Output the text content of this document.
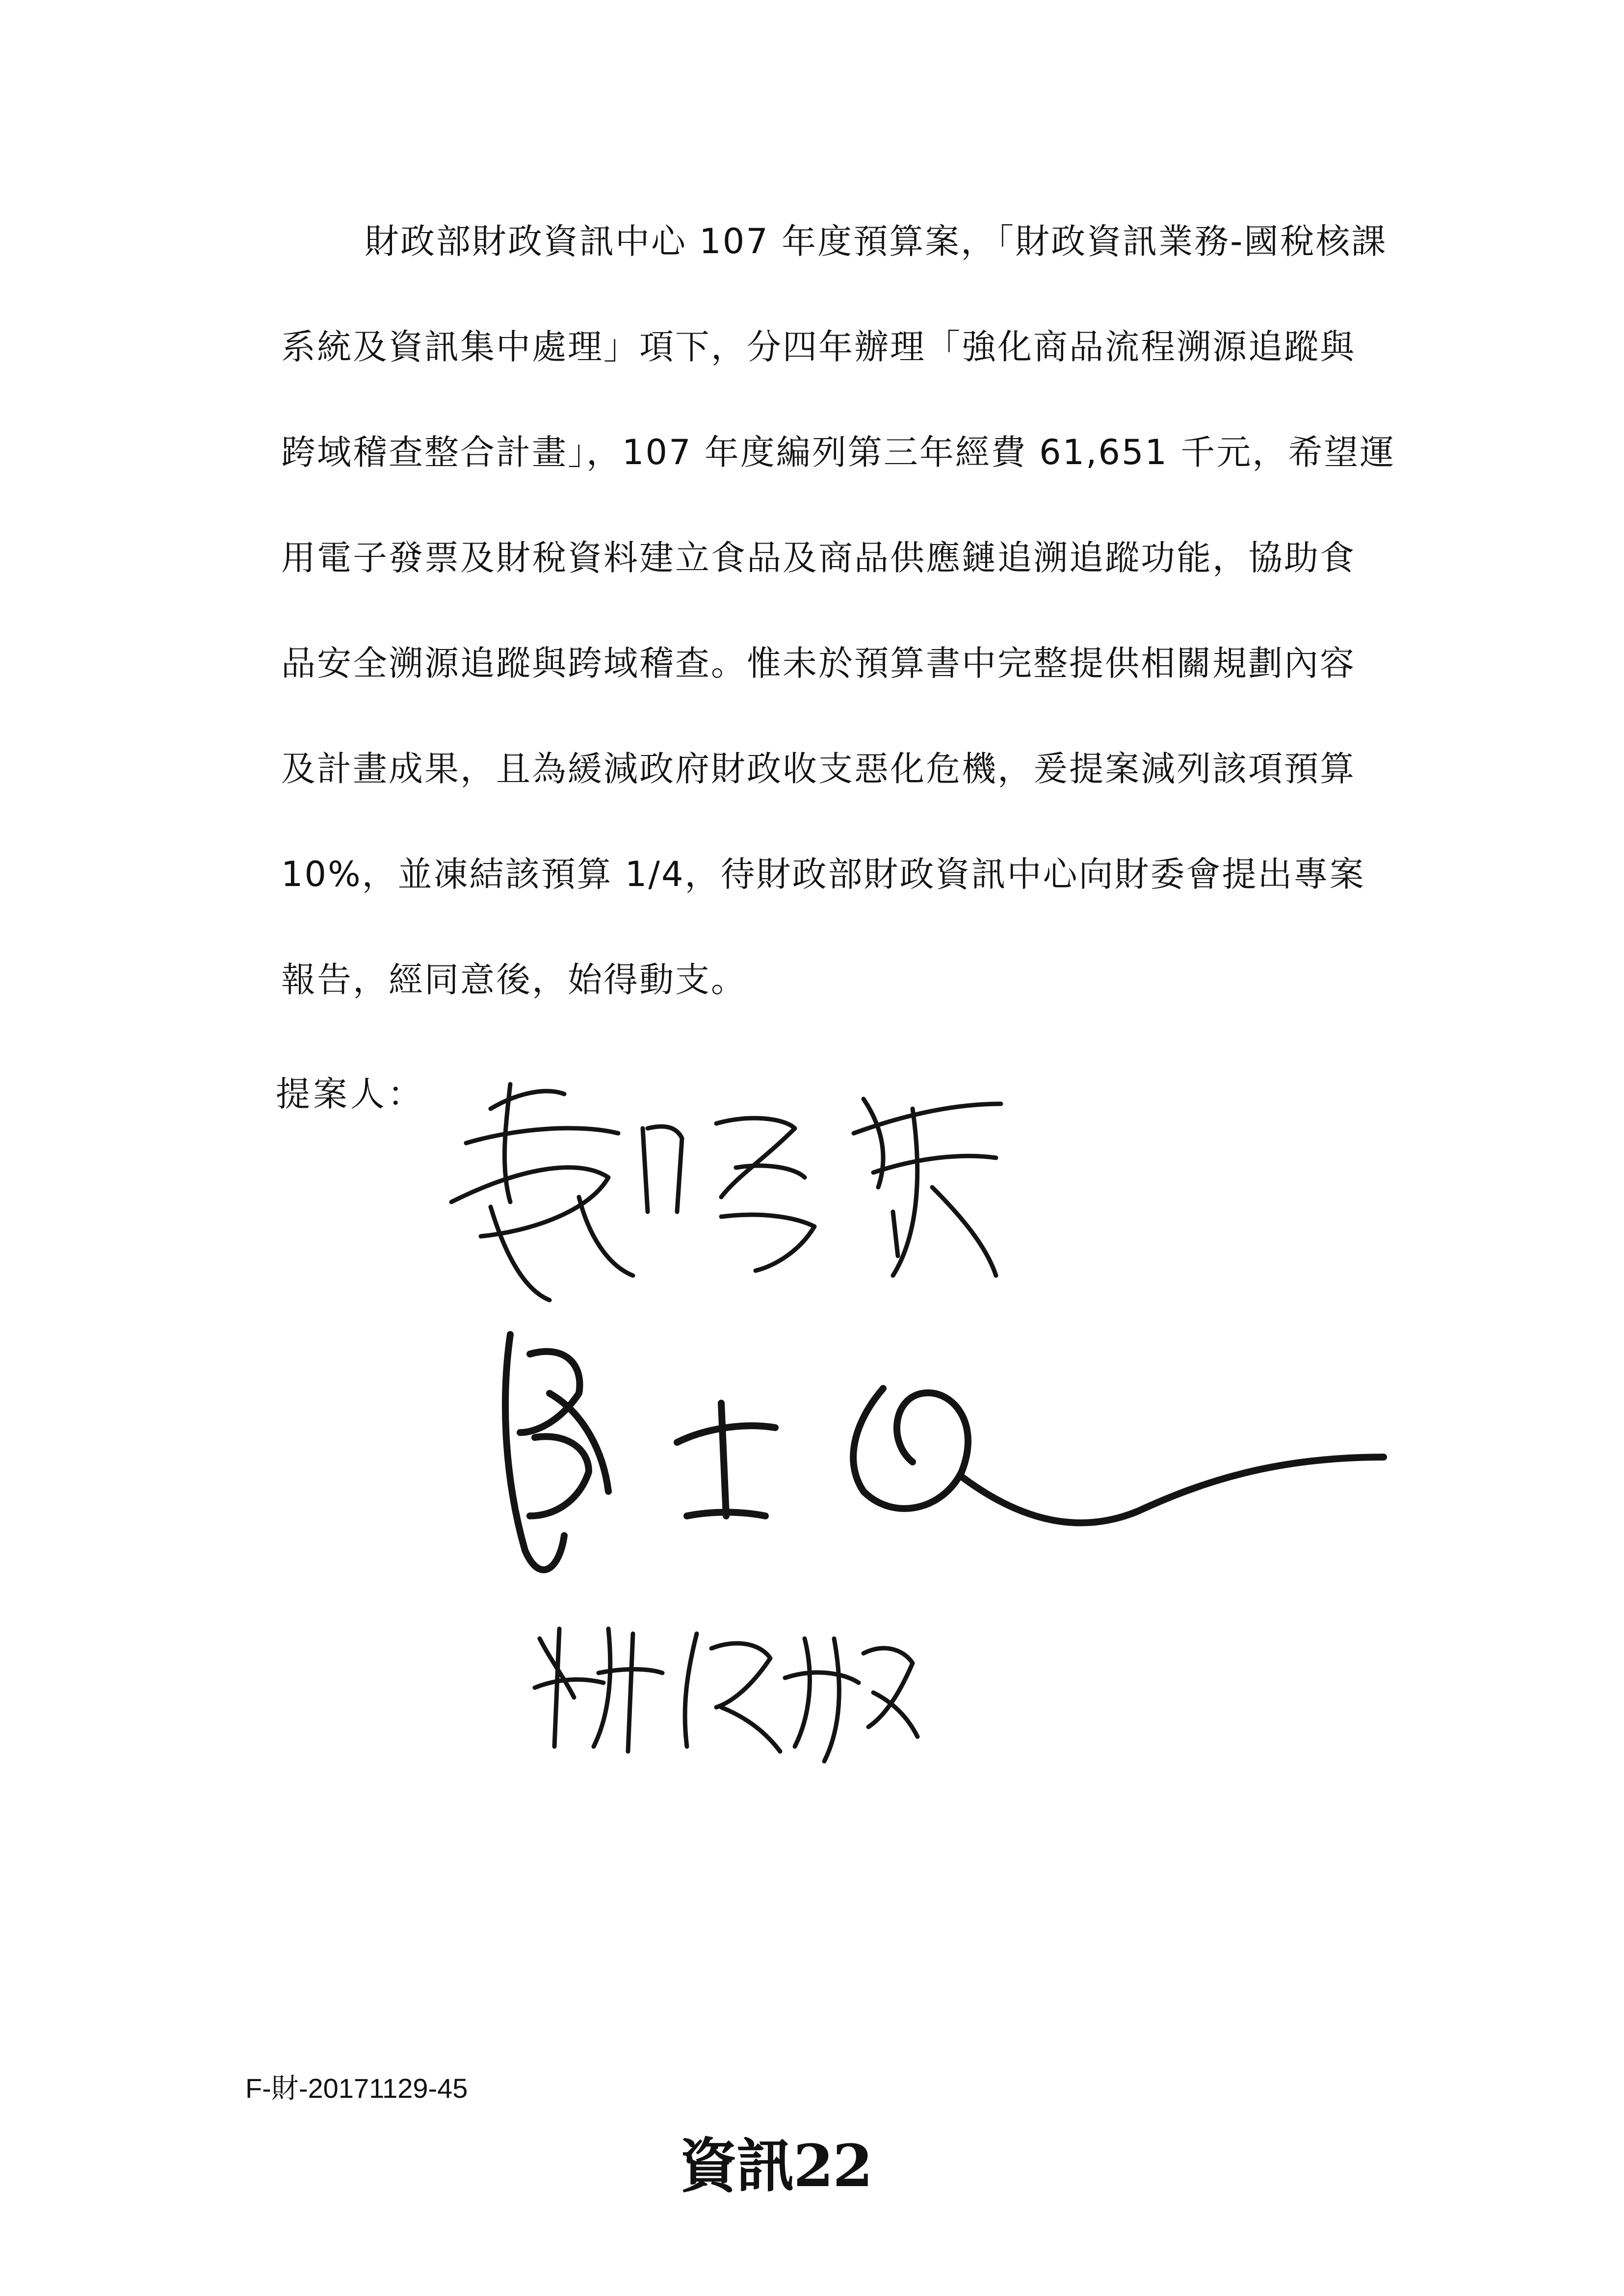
財政部財政資訊中心 107 年度預算案，「財政資訊業務-國稅核課
系統及資訊集中處理」項下，分四年辦理「強化商品流程溯源追蹤與
跨域稽查整合計畫」，107 年度編列第三年經費 61,651 千元，希望運
用電子發票及財稅資料建立食品及商品供應鏈追溯追蹤功能，協助食
品安全溯源追蹤與跨域稽查。惟未於預算書中完整提供相關規劃內容
及計畫成果，且為緩減政府財政收支惡化危機，爰提案減列該項預算
10%，並凍結該預算 1/4，待財政部財政資訊中心向財委會提出專案
報告，經同意後，始得動支。
提案人：
F-財-20171129-45
資訊22
